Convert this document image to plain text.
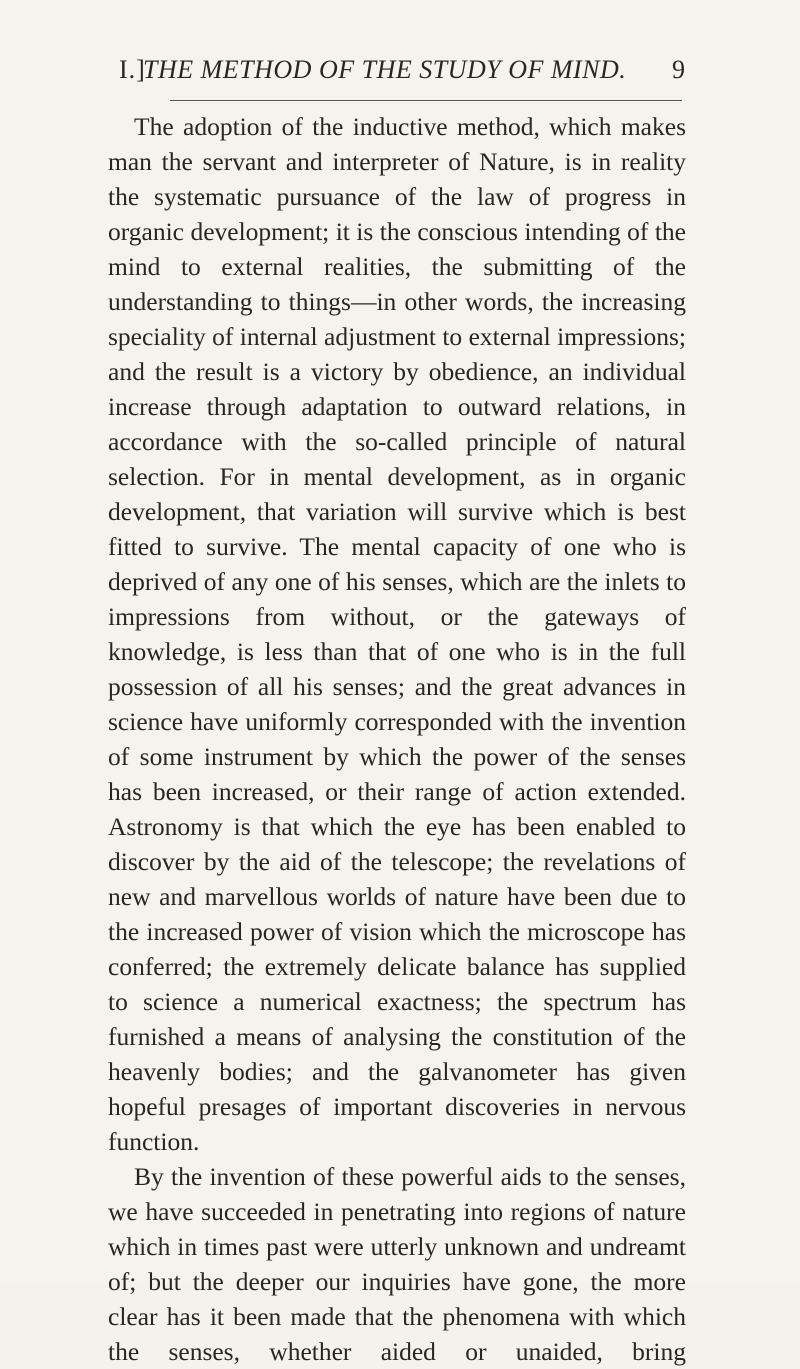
I.]
THE METHOD OF THE STUDY OF MIND. 9

The adoption of the inductive method, which makes man the servant and interpreter of Nature, is in reality the systematic pursuance of the law of progress in organic development; it is the conscious intending of the mind to external realities, the submitting of the understanding to things—in other words, the increasing speciality of internal adjustment to external impressions; and the result is a victory by obedience, an individual increase through adaptation to outward relations, in accordance with the so-called principle of natural selection. For in mental development, as in organic development, that variation will survive which is best fitted to survive. The mental capacity of one who is deprived of any one of his senses, which are the inlets to impressions from without, or the gateways of knowledge, is less than that of one who is in the full possession of all his senses; and the great advances in science have uniformly corresponded with the invention of some instrument by which the power of the senses has been increased, or their range of action extended. Astronomy is that which the eye has been enabled to discover by the aid of the telescope; the revelations of new and marvellous worlds of nature have been due to the increased power of vision which the microscope has conferred; the extremely delicate balance has supplied to science a numerical exactness; the spectrum has furnished a means of analysing the constitution of the heavenly bodies; and the galvanometer has given hopeful presages of important discoveries in nervous function.

By the invention of these powerful aids to the senses, we have succeeded in penetrating into regions of nature which in times past were utterly unknown and undreamt of; but the deeper our inquiries have gone, the more clear has it been made that the phenomena with which the senses, whether aided or unaided, bring
